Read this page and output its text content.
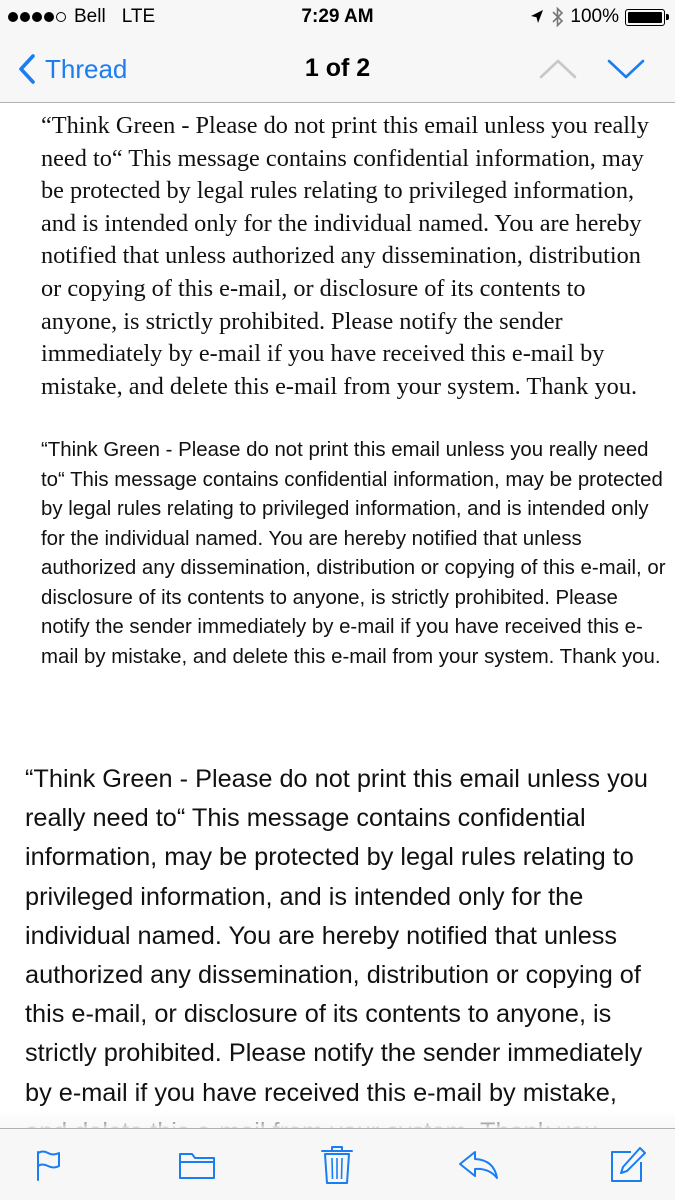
Bell LTE	7:29 AM	100%
Thread	1 of 2
“Think Green - Please do not print this email unless you really need to“ This message contains confidential information, may be protected by legal rules relating to privileged information, and is intended only for the individual named. You are hereby notified that unless authorized any dissemination, distribution or copying of this e-mail, or disclosure of its contents to anyone, is strictly prohibited. Please notify the sender immediately by e-mail if you have received this e-mail by mistake, and delete this e-mail from your system. Thank you.
“Think Green - Please do not print this email unless you really need to“ This message contains confidential information, may be protected by legal rules relating to privileged information, and is intended only for the individual named. You are hereby notified that unless authorized any dissemination, distribution or copying of this e-mail, or disclosure of its contents to anyone, is strictly prohibited. Please notify the sender immediately by e-mail if you have received this e-mail by mistake, and delete this e-mail from your system. Thank you.
“Think Green - Please do not print this email unless you really need to“ This message contains confidential information, may be protected by legal rules relating to privileged information, and is intended only for the individual named. You are hereby notified that unless authorized any dissemination, distribution or copying of this e-mail, or disclosure of its contents to anyone, is strictly prohibited. Please notify the sender immediately by e-mail if you have received this e-mail by mistake,
